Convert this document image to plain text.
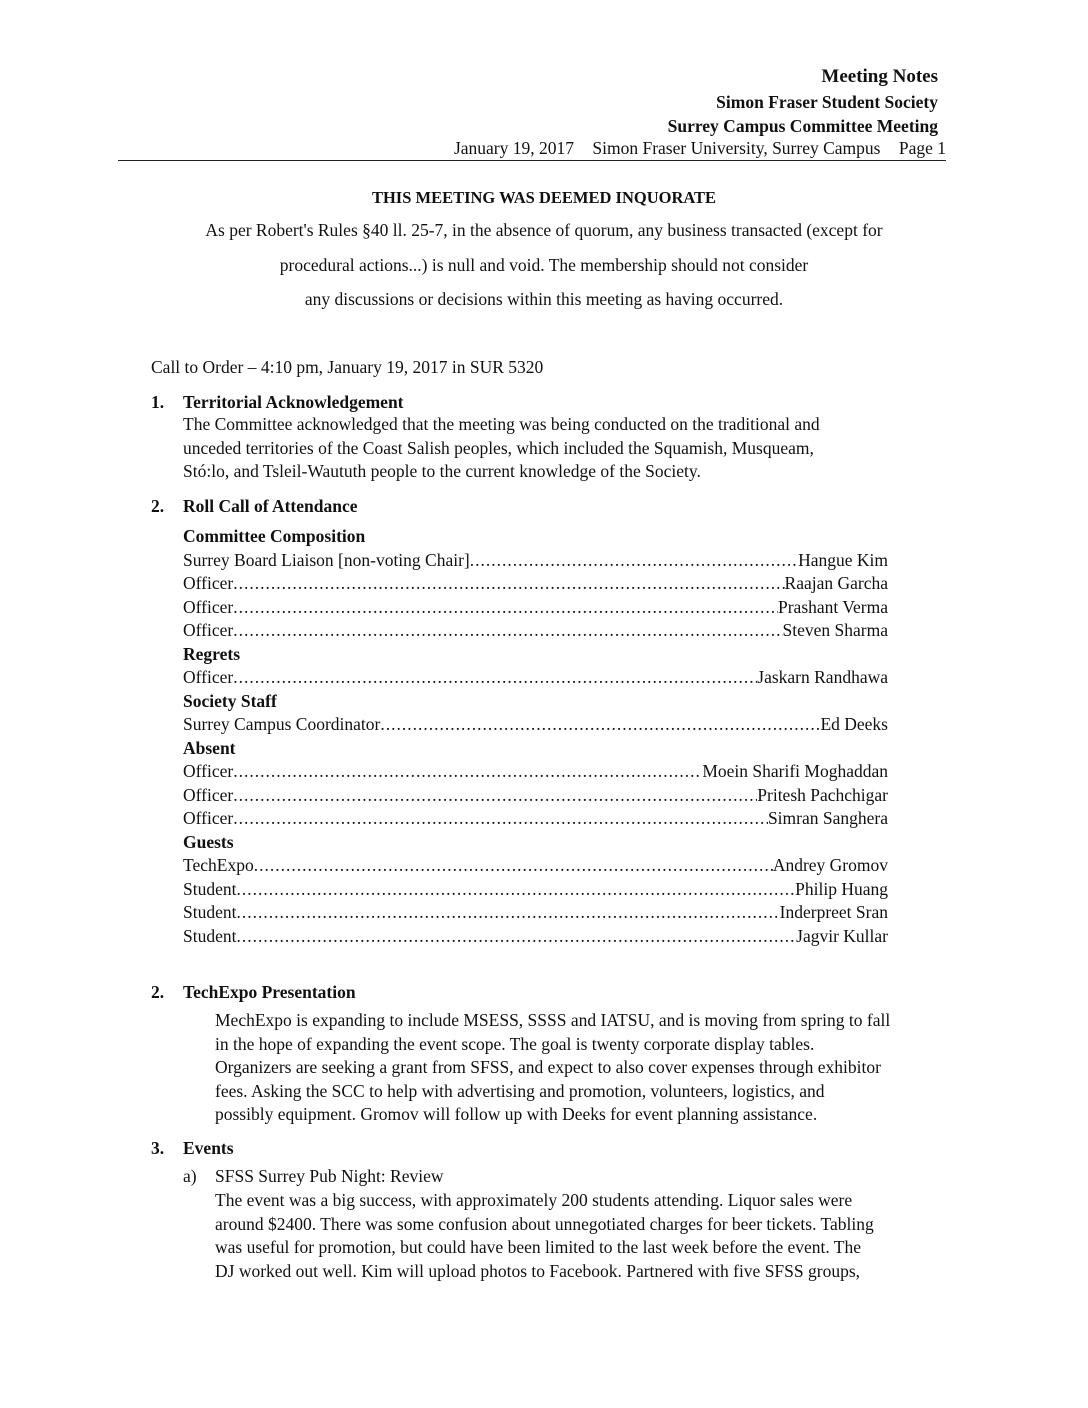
Meeting Notes
Simon Fraser Student Society
Surrey Campus Committee Meeting
January 19, 2017 Simon Fraser University, Surrey Campus Page 1
THIS MEETING WAS DEEMED INQUORATE
As per Robert's Rules §40 ll. 25-7, in the absence of quorum, any business transacted (except for
procedural actions...) is null and void. The membership should not consider
any discussions or decisions within this meeting as having occurred.
Call to Order – 4:10 pm, January 19, 2017 in SUR 5320
1. Territorial Acknowledgement
The Committee acknowledged that the meeting was being conducted on the traditional and
unceded territories of the Coast Salish peoples, which included the Squamish, Musqueam,
Stó:lo, and Tsleil-Waututh people to the current knowledge of the Society.
2. Roll Call of Attendance
Committee Composition
Surrey Board Liaison [non-voting Chair] .....	Hangue Kim
Officer .....	Raajan Garcha
Officer .....	Prashant Verma
Officer .....	Steven Sharma
Regrets
Officer .....	Jaskarn Randhawa
Society Staff
Surrey Campus Coordinator .....	Ed Deeks
Absent
Officer .....	Moein Sharifi Moghaddan
Officer .....	Pritesh Pachchigar
Officer .....	Simran Sanghera
Guests
TechExpo .....	Andrey Gromov
Student .....	Philip Huang
Student .....	Inderpreet Sran
Student .....	Jagvir Kullar
2. TechExpo Presentation
MechExpo is expanding to include MSESS, SSSS and IATSU, and is moving from spring to fall
in the hope of expanding the event scope. The goal is twenty corporate display tables.
Organizers are seeking a grant from SFSS, and expect to also cover expenses through exhibitor
fees. Asking the SCC to help with advertising and promotion, volunteers, logistics, and
possibly equipment. Gromov will follow up with Deeks for event planning assistance.
3. Events
a) SFSS Surrey Pub Night: Review
The event was a big success, with approximately 200 students attending. Liquor sales were
around $2400. There was some confusion about unnegotiated charges for beer tickets. Tabling
was useful for promotion, but could have been limited to the last week before the event. The
DJ worked out well. Kim will upload photos to Facebook. Partnered with five SFSS groups,
